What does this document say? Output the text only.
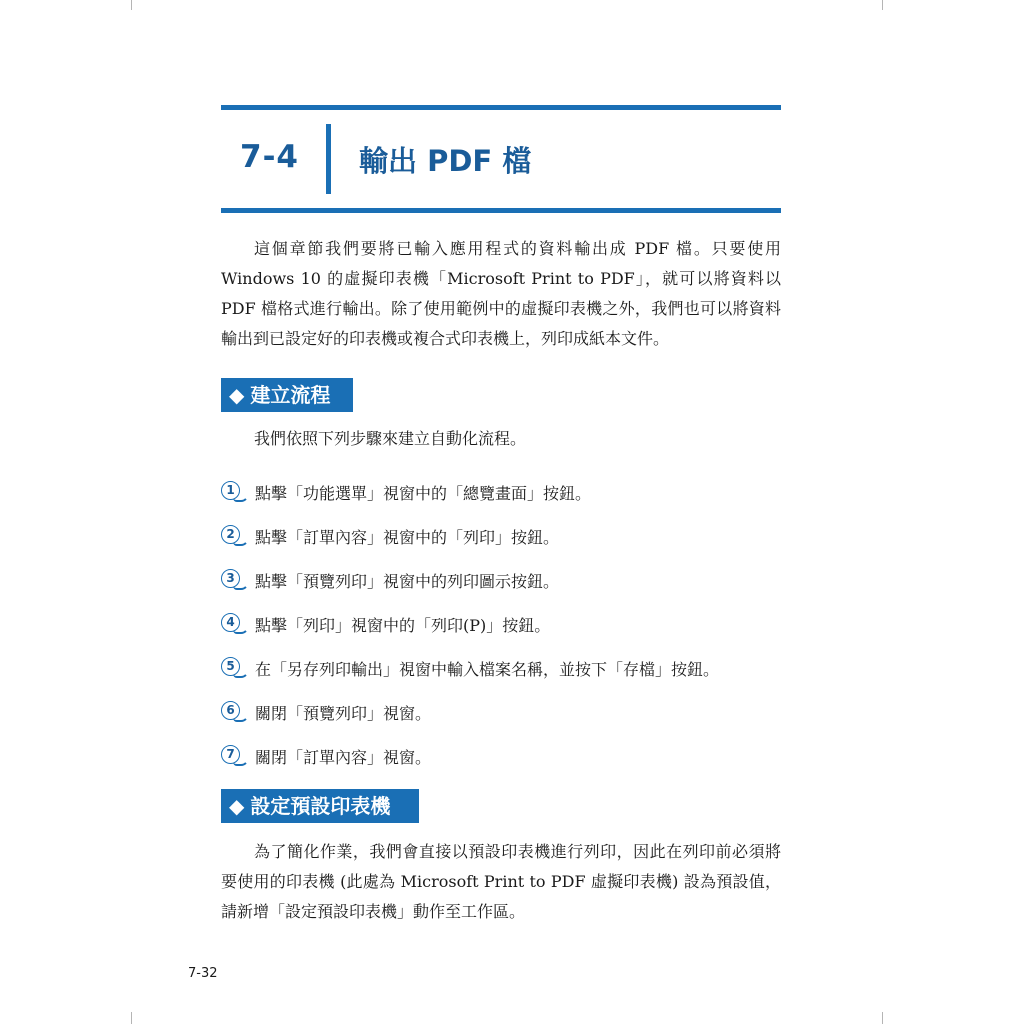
7-4 輸出 PDF 檔

這個章節我們要將已輸入應用程式的資料輸出成 PDF 檔。只要使用 Windows 10 的虛擬印表機「Microsoft Print to PDF」，就可以將資料以 PDF 檔格式進行輸出。除了使用範例中的虛擬印表機之外，我們也可以將資料輸出到已設定好的印表機或複合式印表機上，列印成紙本文件。

◆ 建立流程
我們依照下列步驟來建立自動化流程。
1	點擊「功能選單」視窗中的「總覽畫面」按鈕。
2	點擊「訂單內容」視窗中的「列印」按鈕。
3	點擊「預覽列印」視窗中的列印圖示按鈕。
4	點擊「列印」視窗中的「列印(P)」按鈕。
5	在「另存列印輸出」視窗中輸入檔案名稱，並按下「存檔」按鈕。
6	關閉「預覽列印」視窗。
7	關閉「訂單內容」視窗。
◆ 設定預設印表機

為了簡化作業，我們會直接以預設印表機進行列印，因此在列印前必須將要使用的印表機 (此處為 Microsoft Print to PDF 虛擬印表機) 設為預設值，請新增「設定預設印表機」動作至工作區。

7-32
